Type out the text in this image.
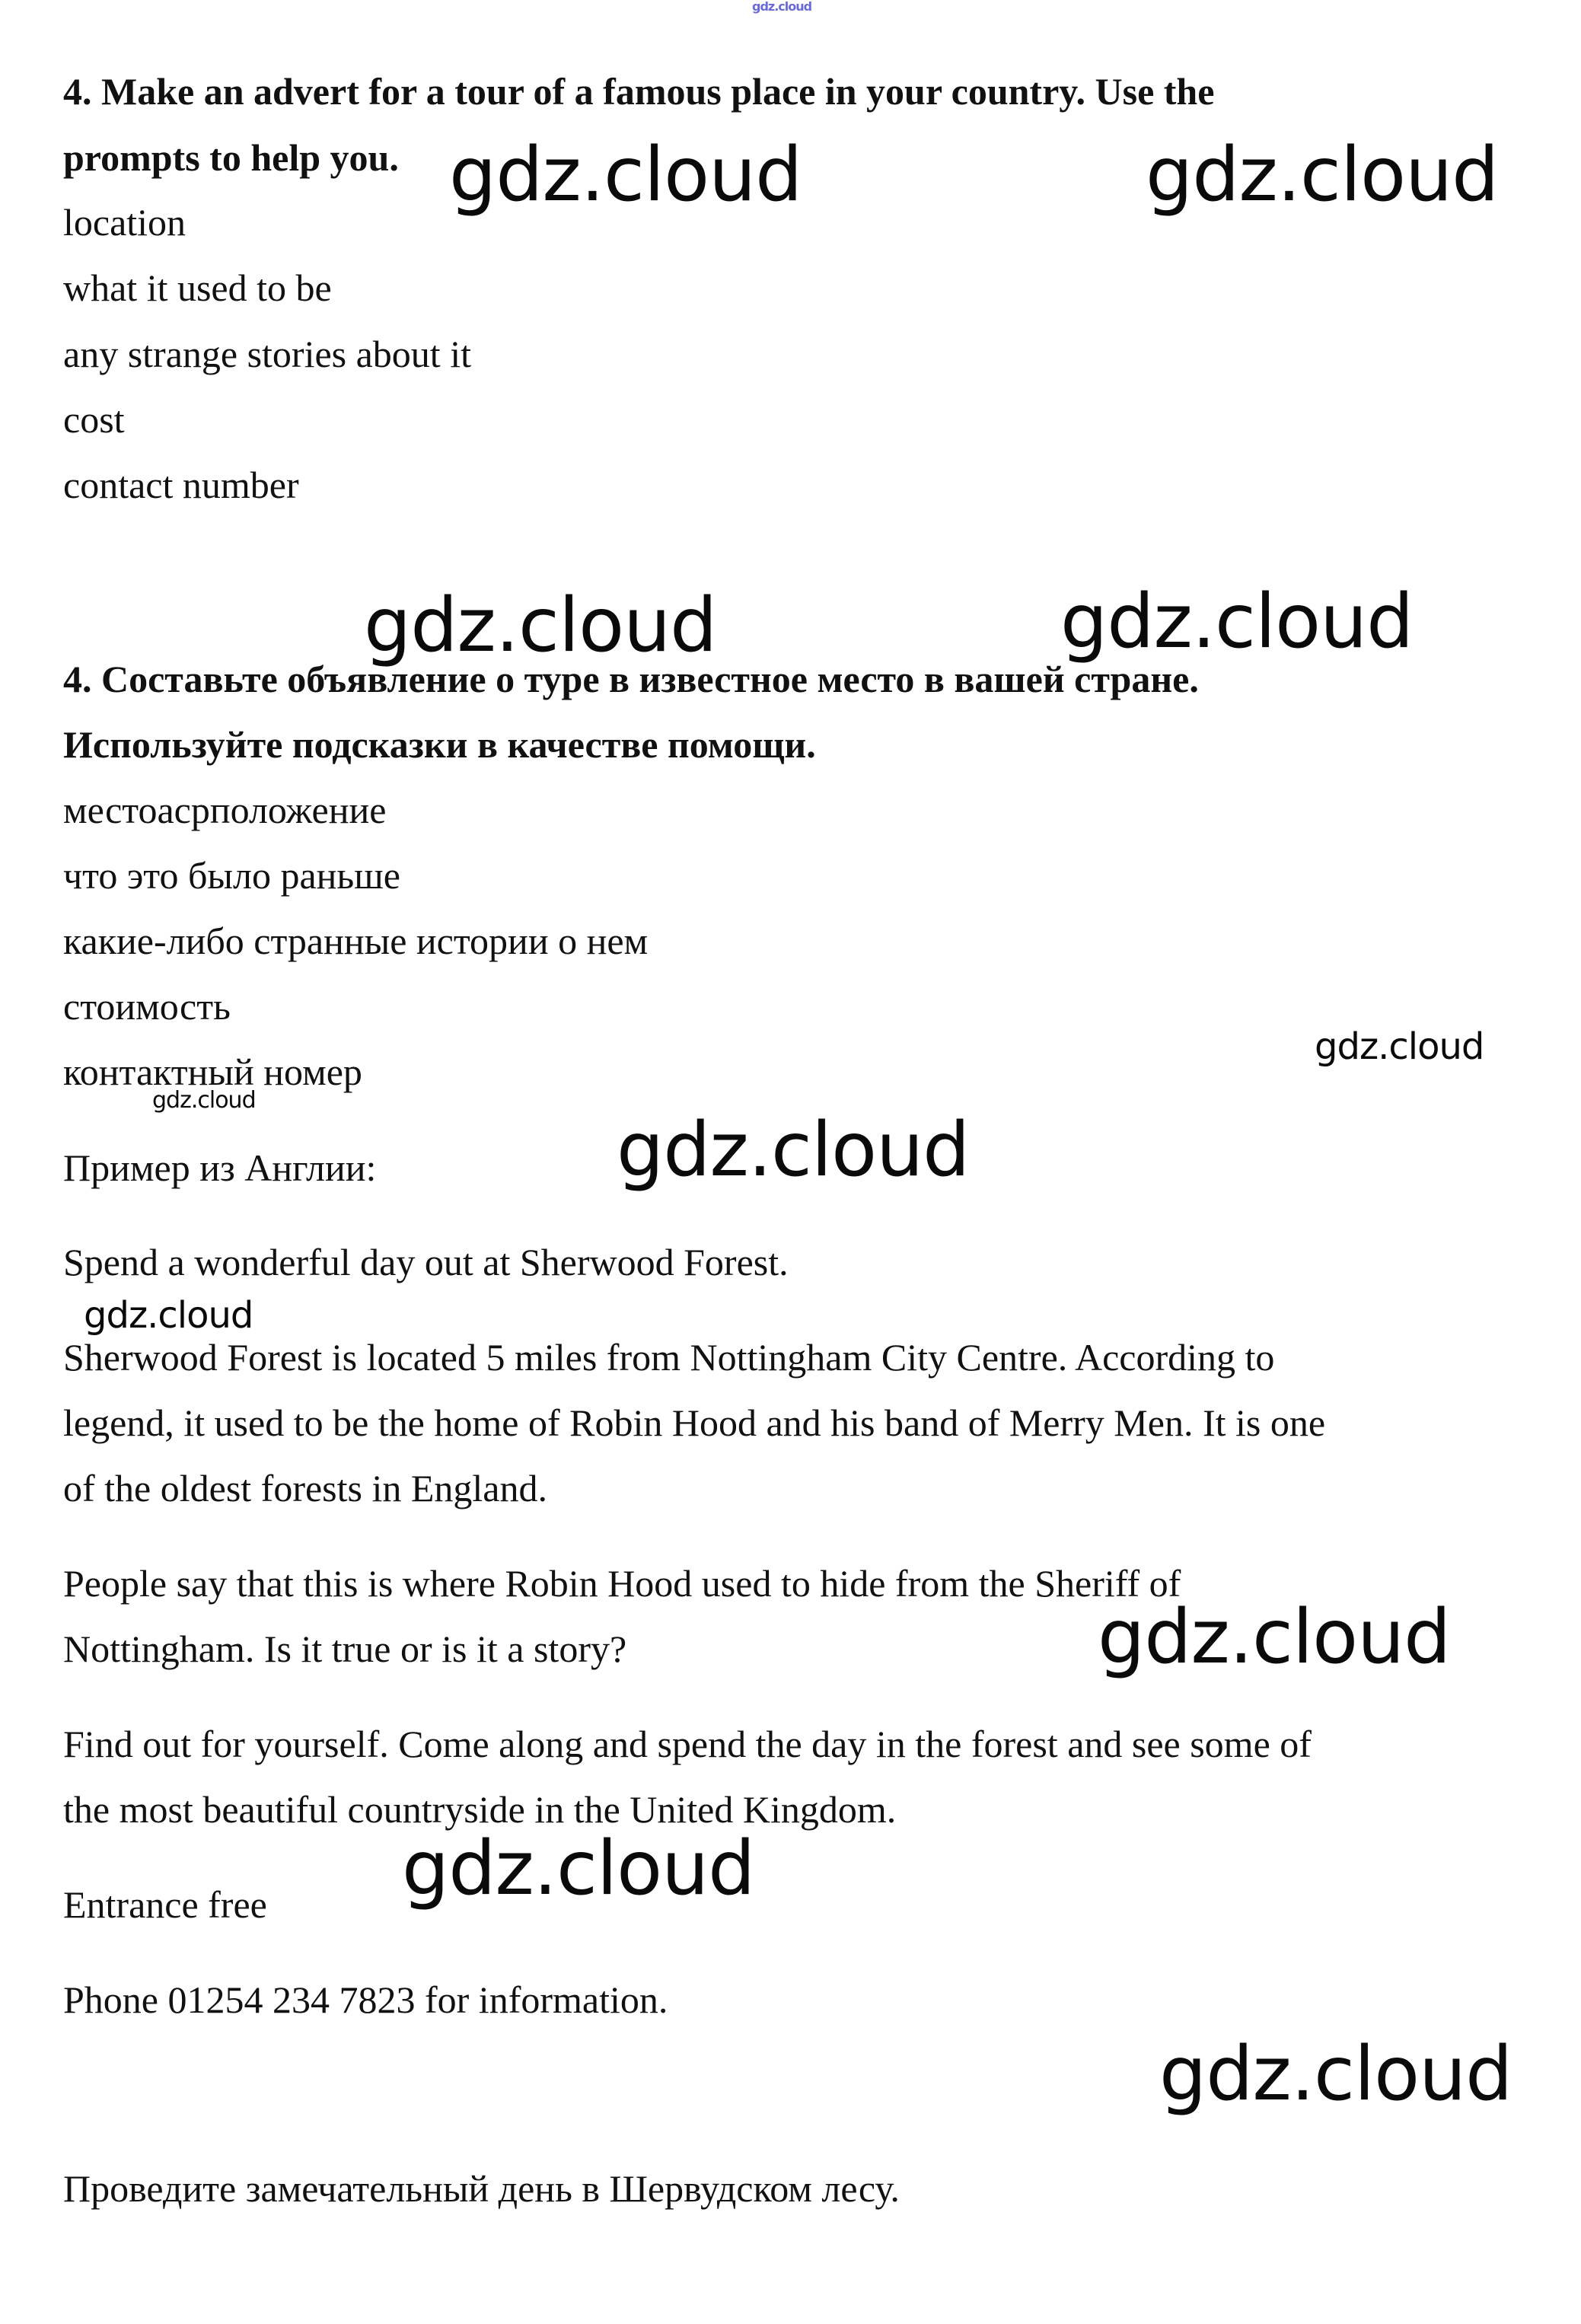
gdz.cloud
gdz.cloud	gdz.cloud
gdz.cloud	gdz.cloud
gdz.cloud
gdz.cloud
gdz.cloud
gdz.cloud
gdz.cloud
gdz.cloud
gdz.cloud
4. Make an advert for a tour of a famous place in your country. Use the
prompts to help you.
location
what it used to be
any strange stories about it
cost
contact number
4. Составьте объявление о туре в известное место в вашей стране.
Используйте подсказки в качестве помощи.
местоасрположение
что это было раньше
какие-либо странные истории о нем
стоимость
контактный номер
Пример из Англии:
Spend a wonderful day out at Sherwood Forest.
Sherwood Forest is located 5 miles from Nottingham City Centre. According to
legend, it used to be the home of Robin Hood and his band of Merry Men. It is one
of the oldest forests in England.
People say that this is where Robin Hood used to hide from the Sheriff of
Nottingham. Is it true or is it a story?
Find out for yourself. Come along and spend the day in the forest and see some of
the most beautiful countryside in the United Kingdom.
Entrance free
Phone 01254 234 7823 for information.
Проведите замечательный день в Шервудском лесу.
